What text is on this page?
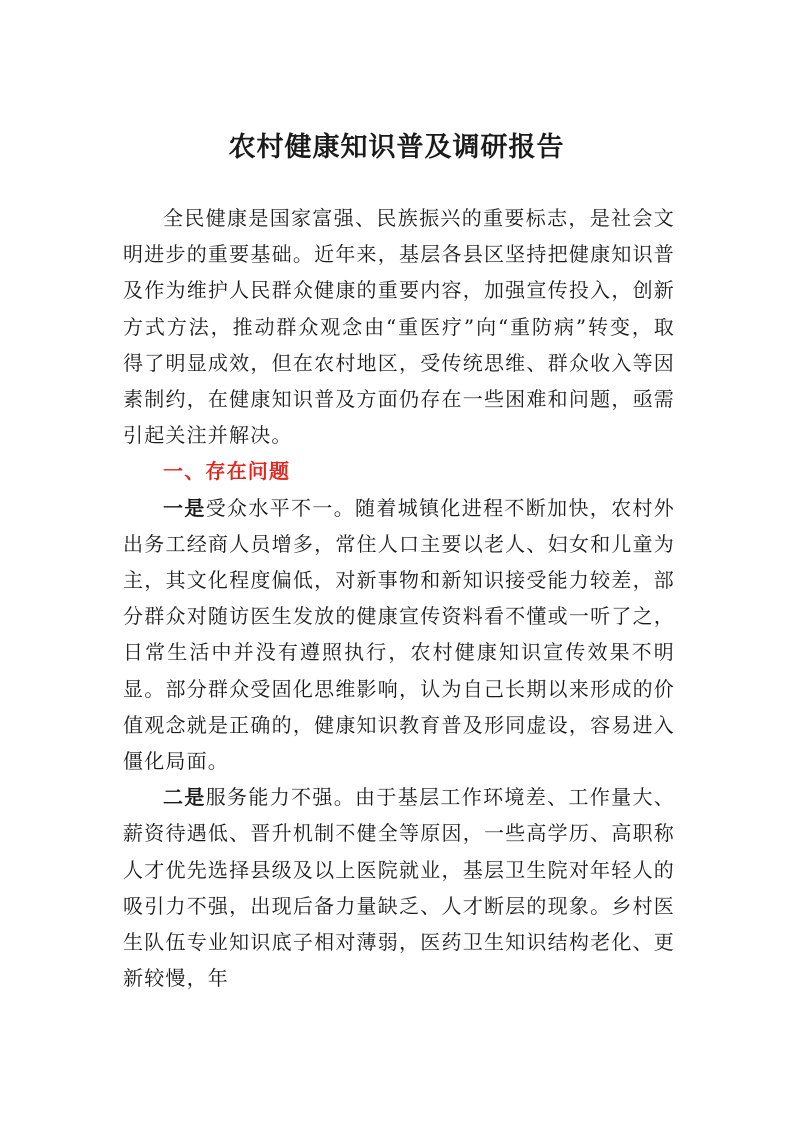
农村健康知识普及调研报告

全民健康是国家富强、民族振兴的重要标志，是社会文明进步的重要基础。近年来，基层各县区坚持把健康知识普及作为维护人民群众健康的重要内容，加强宣传投入，创新方式方法，推动群众观念由“重医疗”向“重防病”转变，取得了明显成效，但在农村地区，受传统思维、群众收入等因素制约，在健康知识普及方面仍存在一些困难和问题，亟需引起关注并解决。

一、存在问题

一是受众水平不一。随着城镇化进程不断加快，农村外出务工经商人员增多，常住人口主要以老人、妇女和儿童为主，其文化程度偏低，对新事物和新知识接受能力较差，部分群众对随访医生发放的健康宣传资料看不懂或一听了之，日常生活中并没有遵照执行，农村健康知识宣传效果不明显。部分群众受固化思维影响，认为自己长期以来形成的价值观念就是正确的，健康知识教育普及形同虚设，容易进入僵化局面。

二是服务能力不强。由于基层工作环境差、工作量大、薪资待遇低、晋升机制不健全等原因，一些高学历、高职称人才优先选择县级及以上医院就业，基层卫生院对年轻人的吸引力不强，出现后备力量缺乏、人才断层的现象。乡村医生队伍专业知识底子相对薄弱，医药卫生知识结构老化、更新较慢，年
